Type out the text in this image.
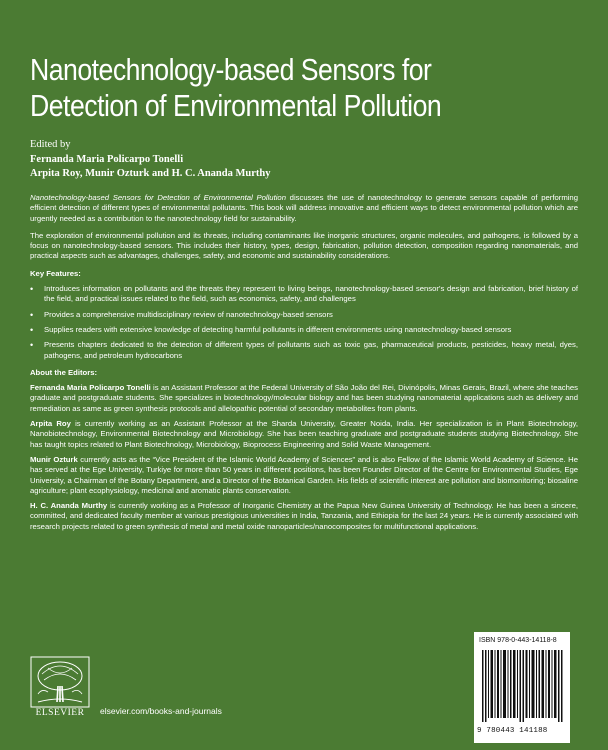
Nanotechnology-based Sensors for
Detection of Environmental Pollution
Edited by
Fernanda Maria Policarpo Tonelli
Arpita Roy, Munir Ozturk and H. C. Ananda Murthy

Nanotechnology-based Sensors for Detection of Environmental Pollution discusses the use of nanotechnology to generate sensors capable of performing efficient detection of different types of environmental pollutants. This book will address innovative and efficient ways to detect environmental pollution which are urgently needed as a contribution to the nanotechnology field for sustainability.

The exploration of environmental pollution and its threats, including contaminants like inorganic structures, organic molecules, and pathogens, is followed by a focus on nanotechnology-based sensors. This includes their history, types, design, fabrication, pollution detection, composition regarding nanomaterials, and practical aspects such as advantages, challenges, safety, and economic and sustainability considerations.

Key Features:
• Introduces information on pollutants and the threats they represent to living beings, nanotechnology-based sensor's design and fabrication, brief history of the field, and practical issues related to the field, such as economics, safety, and challenges
• Provides a comprehensive multidisciplinary review of nanotechnology-based sensors
• Supplies readers with extensive knowledge of detecting harmful pollutants in different environments using nanotechnology-based sensors
• Presents chapters dedicated to the detection of different types of pollutants such as toxic gas, pharmaceutical products, pesticides, heavy metal, dyes, pathogens, and petroleum hydrocarbons
About the Editors:

Fernanda Maria Policarpo Tonelli is an Assistant Professor at the Federal University of São João del Rei, Divinópolis, Minas Gerais, Brazil, where she teaches graduate and postgraduate students. She specializes in biotechnology/molecular biology and has been studying nanomaterial applications such as delivery and remediation as same as green synthesis protocols and allelopathic potential of secondary metabolites from plants.

Arpita Roy is currently working as an Assistant Professor at the Sharda University, Greater Noida, India. Her specialization is in Plant Biotechnology, Nanobiotechnology, Environmental Biotechnology and Microbiology. She has been teaching graduate and postgraduate students studying Biotechnology. She has taught topics related to Plant Biotechnology, Microbiology, Bioprocess Engineering and Solid Waste Management.

Munir Ozturk currently acts as the “Vice President of the Islamic World Academy of Sciences” and is also Fellow of the Islamic World Academy of Science. He has served at the Ege University, Turkiye for more than 50 years in different positions, has been Founder Director of the Centre for Environmental Studies, Ege University, a Chairman of the Botany Department, and a Director of the Botanical Garden. His fields of scientific interest are pollution and biomonitoring; biosaline agriculture; plant ecophysiology, medicinal and aromatic plants conservation.

H. C. Ananda Murthy is currently working as a Professor of Inorganic Chemistry at the Papua New Guinea University of Technology. He has been a sincere, committed, and dedicated faculty member at various prestigious universities in India, Tanzania, and Ethiopia for the last 24 years. He is currently associated with research projects related to green synthesis of metal and metal oxide nanoparticles/nanocomposites for multifunctional applications.

ELSEVIER	elsevier.com/books-and-journals
ISBN 978-0-443-14118-8
9 780443 141188
